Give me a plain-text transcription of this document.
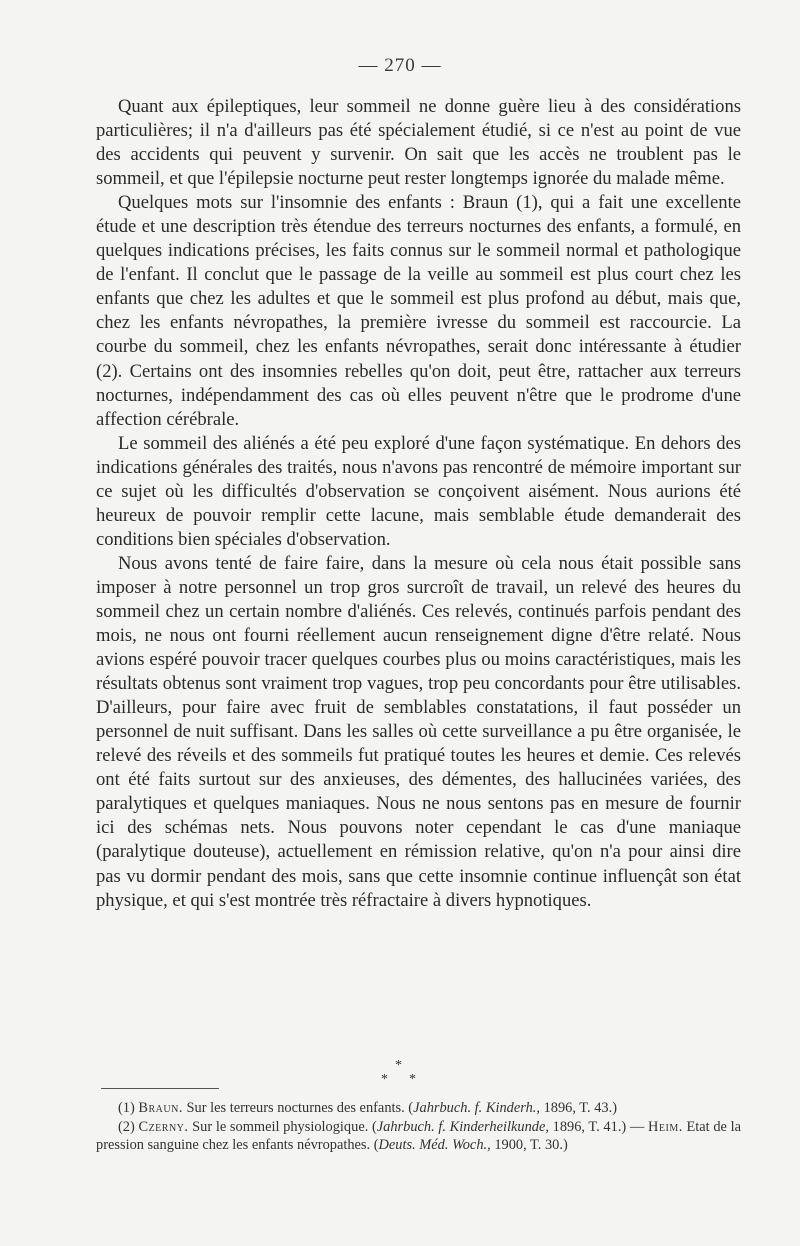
— 270 —

Quant aux épileptiques, leur sommeil ne donne guère lieu à des considérations particulières; il n'a d'ailleurs pas été spécialement étudié, si ce n'est au point de vue des accidents qui peuvent y survenir. On sait que les accès ne troublent pas le sommeil, et que l'épilepsie nocturne peut rester longtemps ignorée du malade même.

Quelques mots sur l'insomnie des enfants : Braun (1), qui a fait une excellente étude et une description très étendue des terreurs nocturnes des enfants, a formulé, en quelques indications précises, les faits connus sur le sommeil normal et pathologique de l'enfant. Il conclut que le passage de la veille au sommeil est plus court chez les enfants que chez les adultes et que le sommeil est plus profond au début, mais que, chez les enfants névropathes, la première ivresse du sommeil est raccourcie. La courbe du sommeil, chez les enfants névropathes, serait donc intéressante à étudier (2). Certains ont des insomnies rebelles qu'on doit, peut être, rattacher aux terreurs nocturnes, indépendamment des cas où elles peuvent n'être que le prodrome d'une affection cérébrale.

Le sommeil des aliénés a été peu exploré d'une façon systématique. En dehors des indications générales des traités, nous n'avons pas rencontré de mémoire important sur ce sujet où les difficultés d'observation se conçoivent aisément. Nous aurions été heureux de pouvoir remplir cette lacune, mais semblable étude demanderait des conditions bien spéciales d'observation.

Nous avons tenté de faire faire, dans la mesure où cela nous était possible sans imposer à notre personnel un trop gros surcroît de travail, un relevé des heures du sommeil chez un certain nombre d'aliénés. Ces relevés, continués parfois pendant des mois, ne nous ont fourni réellement aucun renseignement digne d'être relaté. Nous avions espéré pouvoir tracer quelques courbes plus ou moins caractéristiques, mais les résultats obtenus sont vraiment trop vagues, trop peu concordants pour être utilisables. D'ailleurs, pour faire avec fruit de semblables constatations, il faut posséder un personnel de nuit suffisant. Dans les salles où cette surveillance a pu être organisée, le relevé des réveils et des sommeils fut pratiqué toutes les heures et demie. Ces relevés ont été faits surtout sur des anxieuses, des démentes, des hallucinées variées, des paralytiques et quelques maniaques. Nous ne nous sentons pas en mesure de fournir ici des schémas nets. Nous pouvons noter cependant le cas d'une maniaque (paralytique douteuse), actuellement en rémission relative, qu'on n'a pour ainsi dire pas vu dormir pendant des mois, sans que cette insomnie continue influençât son état physique, et qui s'est montrée très réfractaire à divers hypnotiques.

*
* *

(1) Braun. Sur les terreurs nocturnes des enfants. (Jahrbuch. f. Kinderh., 1896, T. 43.)

(2) Czerny. Sur le sommeil physiologique. (Jahrbuch. f. Kinderheilkunde, 1896, T. 41.) — Heim. Etat de la pression sanguine chez les enfants névropathes. (Deuts. Méd. Woch., 1900, T. 30.)
